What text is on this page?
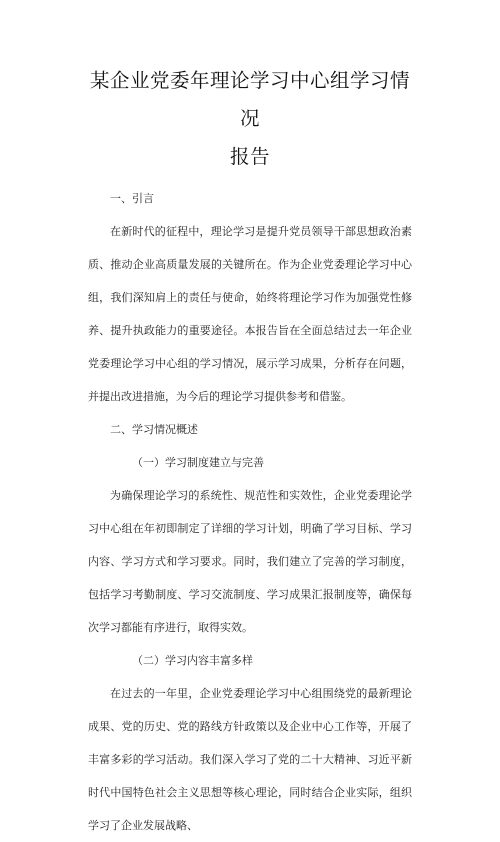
某企业党委年理论学习中心组学习情况
报告
一、引言

在新时代的征程中，理论学习是提升党员领导干部思想政治素质、推动企业高质量发展的关键所在。作为企业党委理论学习中心组，我们深知肩上的责任与使命，始终将理论学习作为加强党性修养、提升执政能力的重要途径。本报告旨在全面总结过去一年企业党委理论学习中心组的学习情况，展示学习成果，分析存在问题，并提出改进措施，为今后的理论学习提供参考和借鉴。

二、学习情况概述
（一）学习制度建立与完善

为确保理论学习的系统性、规范性和实效性，企业党委理论学习中心组在年初即制定了详细的学习计划，明确了学习目标、学习内容、学习方式和学习要求。同时，我们建立了完善的学习制度，包括学习考勤制度、学习交流制度、学习成果汇报制度等，确保每次学习都能有序进行，取得实效。

（二）学习内容丰富多样

在过去的一年里，企业党委理论学习中心组围绕党的最新理论成果、党的历史、党的路线方针政策以及企业中心工作等，开展了丰富多彩的学习活动。我们深入学习了党的二十大精神、习近平新时代中国特色社会主义思想等核心理论，同时结合企业实际，组织学习了企业发展战略、
